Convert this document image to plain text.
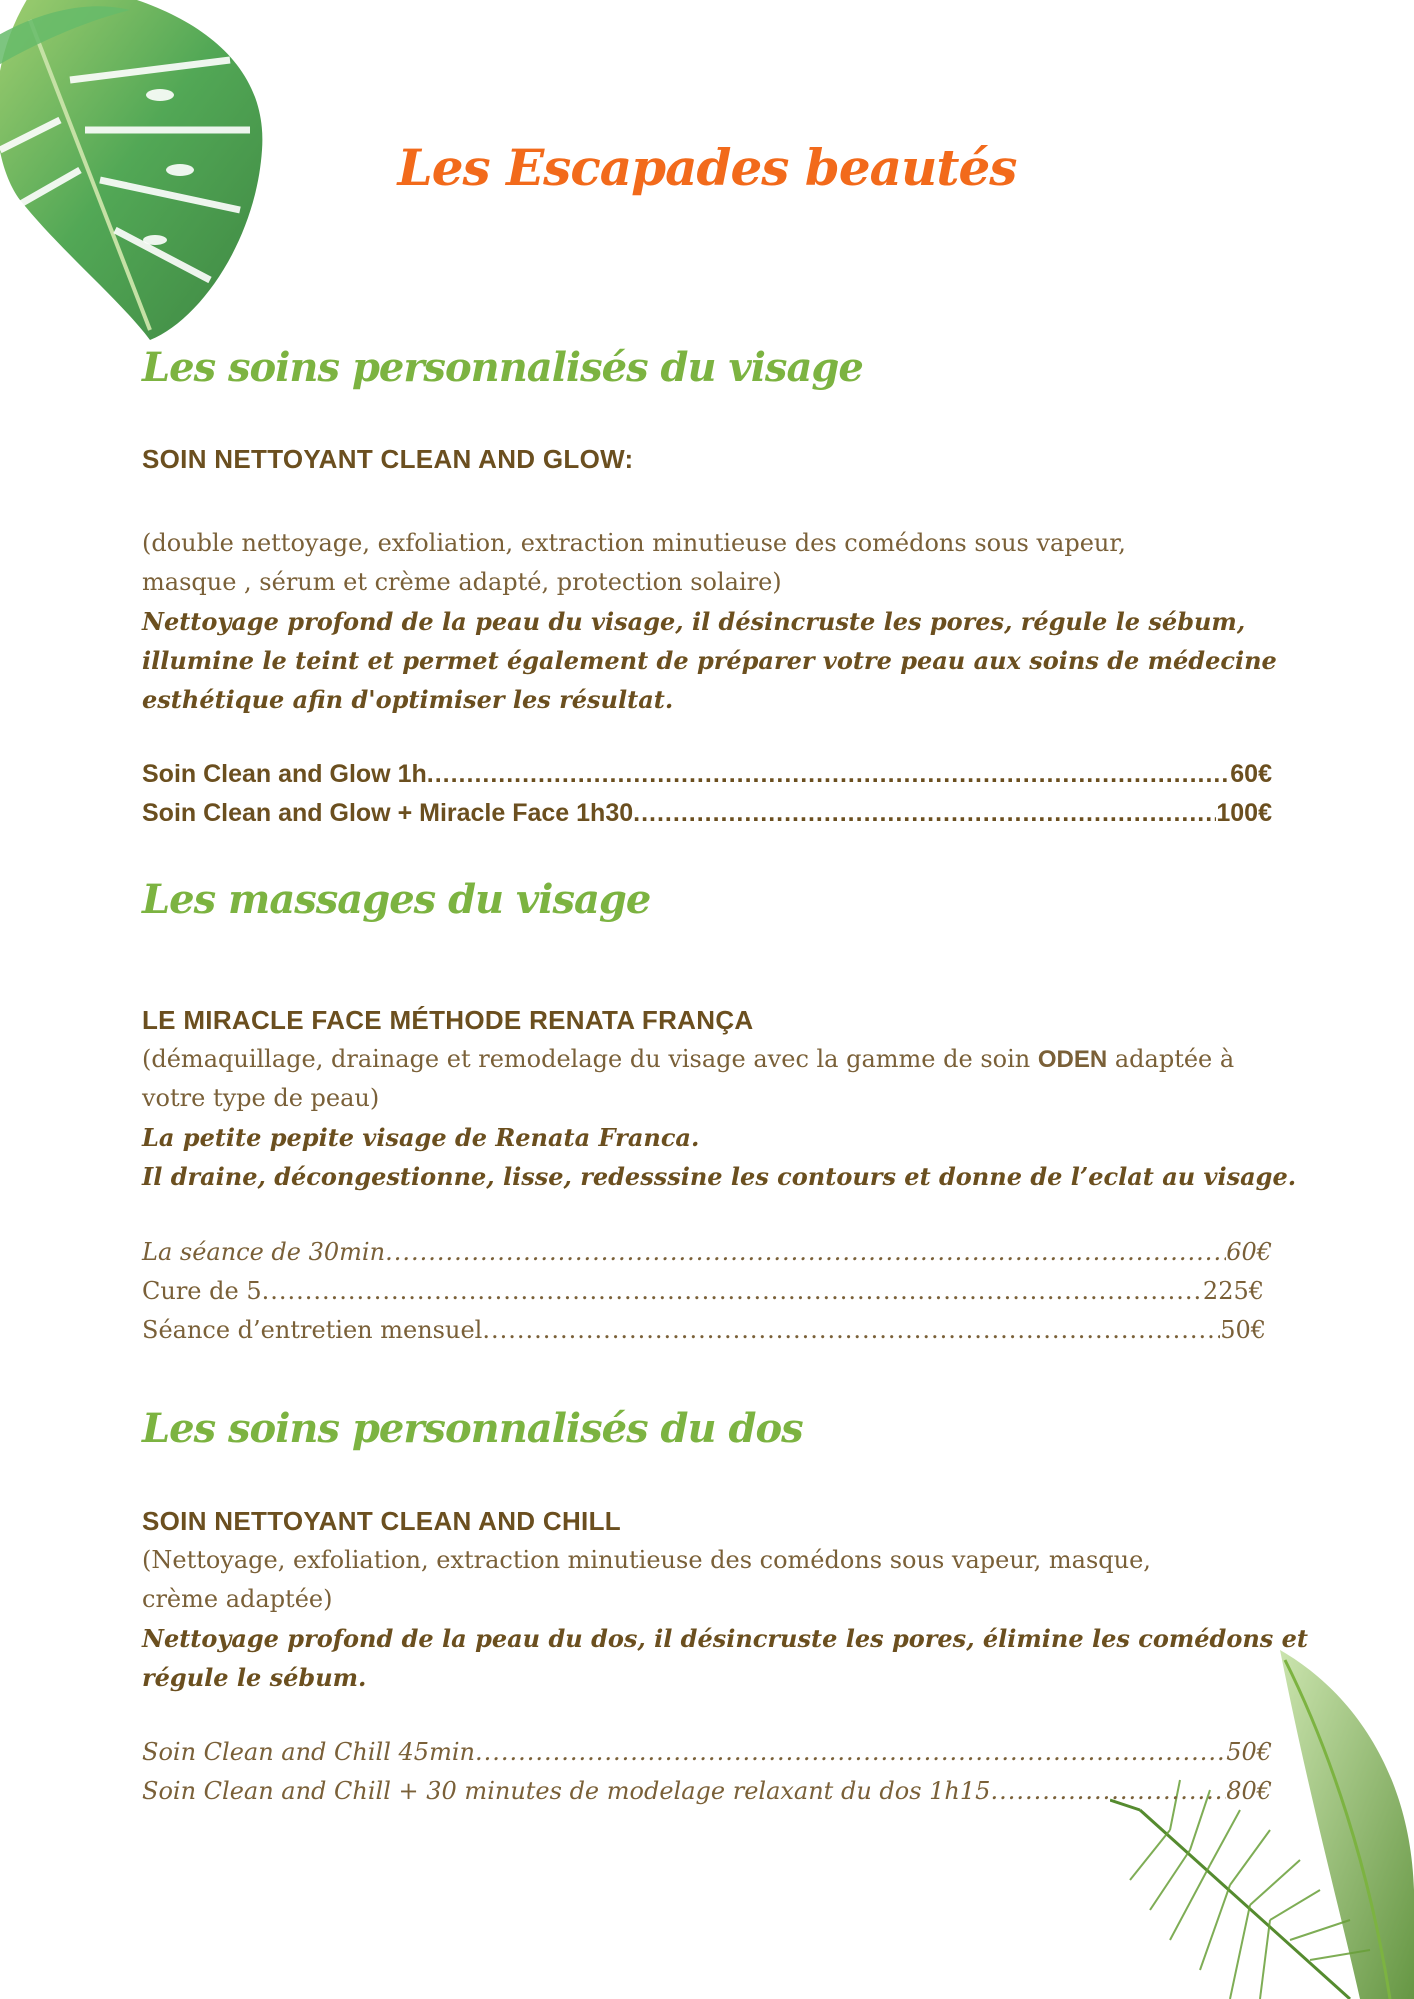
Les Escapades beautés
Les soins personnalisés du visage
SOIN NETTOYANT CLEAN AND GLOW:
(double nettoyage, exfoliation, extraction minutieuse des comédons sous vapeur,
masque , sérum et crème adapté, protection solaire)
Nettoyage profond de la peau du visage, il désincruste les pores, régule le sébum,
illumine le teint et permet également de préparer votre peau aux soins de médecine
esthétique afin d'optimiser les résultat.
Soin Clean and Glow 1h .....	60€
Soin Clean and Glow + Miracle Face 1h30 .....	100€
Les massages du visage
LE MIRACLE FACE MÉTHODE RENATA FRANÇA
(démaquillage, drainage et remodelage du visage avec la gamme de soin ODEN adaptée à
votre type de peau)
La petite pepite visage de Renata Franca.
Il draine, décongestionne, lisse, redesssine les contours et donne de l’eclat au visage.
La séance de 30min .....	60€
Cure de 5 .....	225€
Séance d’entretien mensuel .....	50€
Les soins personnalisés du dos
SOIN NETTOYANT CLEAN AND CHILL
(Nettoyage, exfoliation, extraction minutieuse des comédons sous vapeur, masque,
crème adaptée)
Nettoyage profond de la peau du dos, il désincruste les pores, élimine les comédons et
régule le sébum.
Soin Clean and Chill 45min .....	50€
Soin Clean and Chill + 30 minutes de modelage relaxant du dos 1h15 .....	80€
